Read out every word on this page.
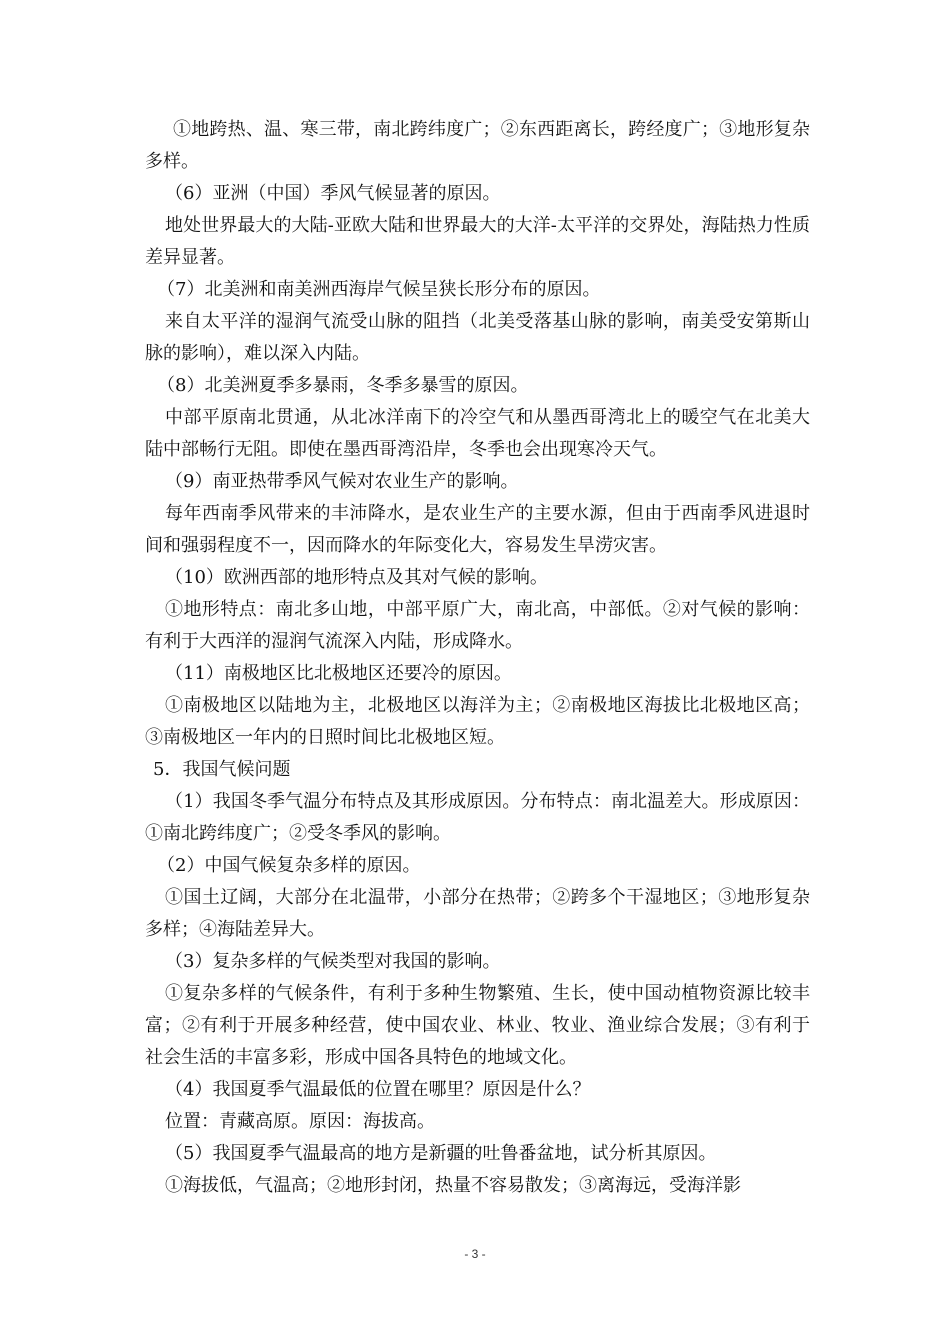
①地跨热、温、寒三带，南北跨纬度广；②东西距离长，跨经度广；③地形复杂多样。

（6）亚洲（中国）季风气候显著的原因。

地处世界最大的大陆-亚欧大陆和世界最大的大洋-太平洋的交界处，海陆热力性质差异显著。

（7）北美洲和南美洲西海岸气候呈狭长形分布的原因。

来自太平洋的湿润气流受山脉的阻挡（北美受落基山脉的影响，南美受安第斯山脉的影响），难以深入内陆。

（8）北美洲夏季多暴雨，冬季多暴雪的原因。

中部平原南北贯通，从北冰洋南下的冷空气和从墨西哥湾北上的暖空气在北美大陆中部畅行无阻。即使在墨西哥湾沿岸，冬季也会出现寒冷天气。

（9）南亚热带季风气候对农业生产的影响。

每年西南季风带来的丰沛降水，是农业生产的主要水源，但由于西南季风进退时间和强弱程度不一，因而降水的年际变化大，容易发生旱涝灾害。

（10）欧洲西部的地形特点及其对气候的影响。

①地形特点：南北多山地，中部平原广大，南北高，中部低。②对气候的影响：有利于大西洋的湿润气流深入内陆，形成降水。

（11）南极地区比北极地区还要冷的原因。

①南极地区以陆地为主，北极地区以海洋为主；②南极地区海拔比北极地区高；③南极地区一年内的日照时间比北极地区短。

5．我国气候问题

（1）我国冬季气温分布特点及其形成原因。分布特点：南北温差大。形成原因：①南北跨纬度广；②受冬季风的影响。

（2）中国气候复杂多样的原因。

①国土辽阔，大部分在北温带，小部分在热带；②跨多个干湿地区；③地形复杂多样；④海陆差异大。

（3）复杂多样的气候类型对我国的影响。

①复杂多样的气候条件，有利于多种生物繁殖、生长，使中国动植物资源比较丰富；②有利于开展多种经营，使中国农业、林业、牧业、渔业综合发展；③有利于社会生活的丰富多彩，形成中国各具特色的地域文化。

（4）我国夏季气温最低的位置在哪里？原因是什么？

位置：青藏高原。原因：海拔高。

（5）我国夏季气温最高的地方是新疆的吐鲁番盆地，试分析其原因。

①海拔低，气温高；②地形封闭，热量不容易散发；③离海远，受海洋影

- 3 -
